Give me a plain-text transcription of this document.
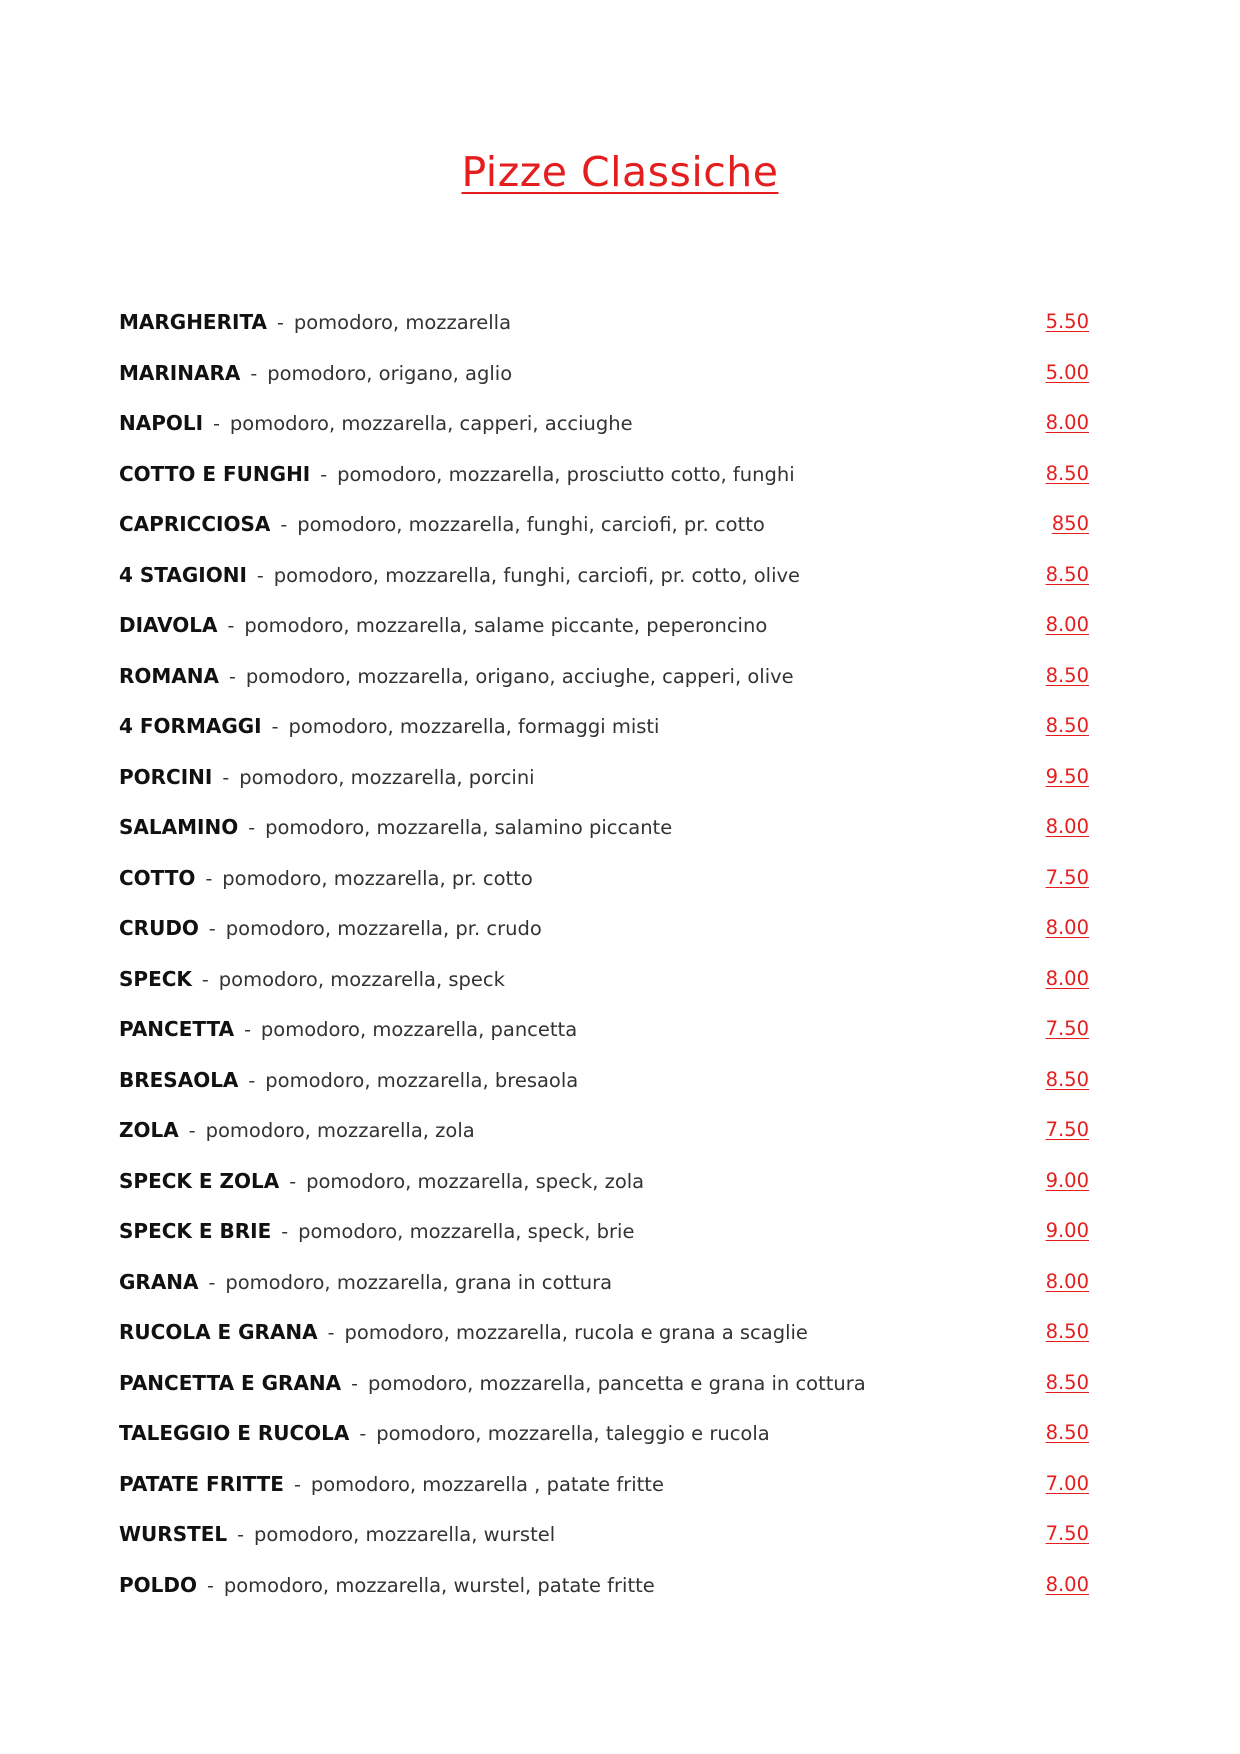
Pizze Classiche
MARGHERITA - pomodoro, mozzarella	5.50
MARINARA - pomodoro, origano, aglio	5.00
NAPOLI - pomodoro, mozzarella, capperi, acciughe	8.00
COTTO E FUNGHI - pomodoro, mozzarella, prosciutto cotto, funghi	8.50
CAPRICCIOSA - pomodoro, mozzarella, funghi, carciofi, pr. cotto	850
4 STAGIONI - pomodoro, mozzarella, funghi, carciofi, pr. cotto, olive	8.50
DIAVOLA - pomodoro, mozzarella, salame piccante, peperoncino	8.00
ROMANA - pomodoro, mozzarella, origano, acciughe, capperi, olive	8.50
4 FORMAGGI - pomodoro, mozzarella, formaggi misti	8.50
PORCINI - pomodoro, mozzarella, porcini	9.50
SALAMINO - pomodoro, mozzarella, salamino piccante	8.00
COTTO - pomodoro, mozzarella, pr. cotto	7.50
CRUDO - pomodoro, mozzarella, pr. crudo	8.00
SPECK - pomodoro, mozzarella, speck	8.00
PANCETTA - pomodoro, mozzarella, pancetta	7.50
BRESAOLA - pomodoro, mozzarella, bresaola	8.50
ZOLA - pomodoro, mozzarella, zola	7.50
SPECK E ZOLA - pomodoro, mozzarella, speck, zola	9.00
SPECK E BRIE - pomodoro, mozzarella, speck, brie	9.00
GRANA - pomodoro, mozzarella, grana in cottura	8.00
RUCOLA E GRANA - pomodoro, mozzarella, rucola e grana a scaglie	8.50
PANCETTA E GRANA - pomodoro, mozzarella, pancetta e grana in cottura	8.50
TALEGGIO E RUCOLA - pomodoro, mozzarella, taleggio e rucola	8.50
PATATE FRITTE - pomodoro, mozzarella , patate fritte	7.00
WURSTEL - pomodoro, mozzarella, wurstel	7.50
POLDO - pomodoro, mozzarella, wurstel, patate fritte	8.00
